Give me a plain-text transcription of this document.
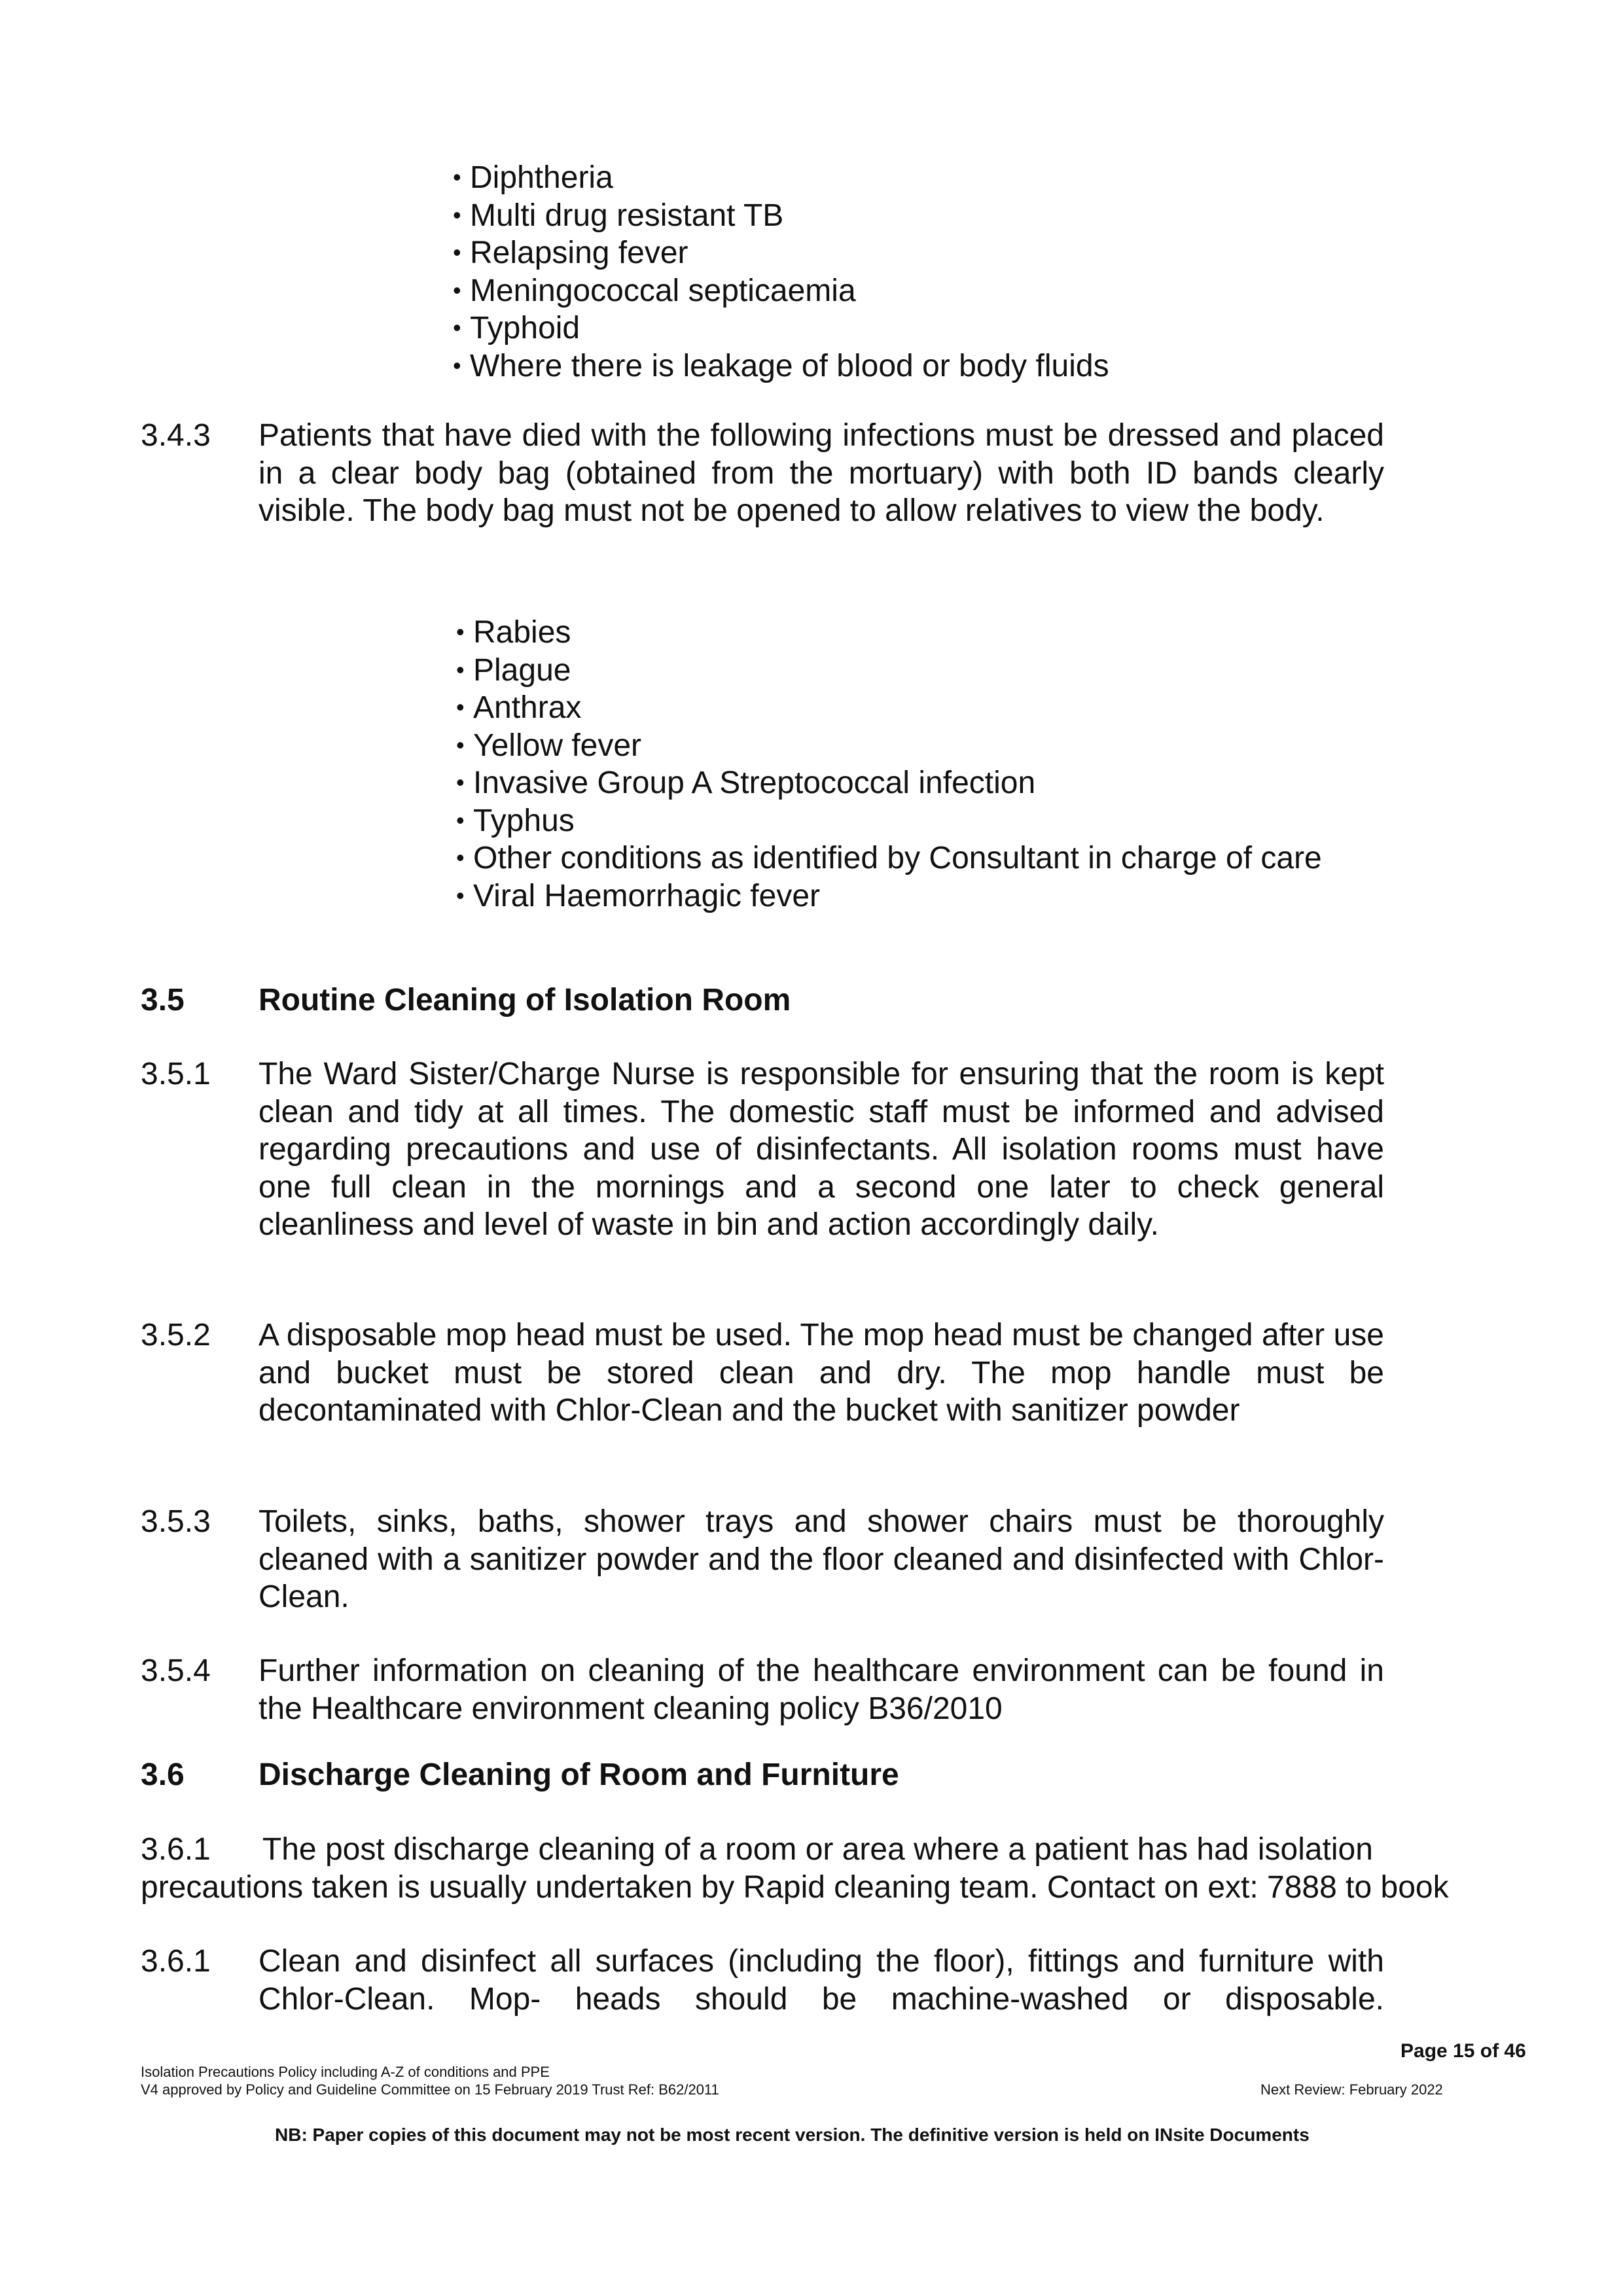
• Diphtheria
• Multi drug resistant TB
• Relapsing fever
• Meningococcal septicaemia
• Typhoid
• Where there is leakage of blood or body fluids
3.4.3 Patients that have died with the following infections must be dressed and placed in a clear body bag (obtained from the mortuary) with both ID bands clearly visible. The body bag must not be opened to allow relatives to view the body.
• Rabies
• Plague
• Anthrax
• Yellow fever
• Invasive Group A Streptococcal infection
• Typhus
• Other conditions as identified by Consultant in charge of care
• Viral Haemorrhagic fever
3.5 Routine Cleaning of Isolation Room
3.5.1 The Ward Sister/Charge Nurse is responsible for ensuring that the room is kept clean and tidy at all times. The domestic staff must be informed and advised regarding precautions and use of disinfectants. All isolation rooms must have one full clean in the mornings and a second one later to check general cleanliness and level of waste in bin and action accordingly daily.
3.5.2 A disposable mop head must be used. The mop head must be changed after use and bucket must be stored clean and dry. The mop handle must be decontaminated with Chlor-Clean and the bucket with sanitizer powder
3.5.3 Toilets, sinks, baths, shower trays and shower chairs must be thoroughly cleaned with a sanitizer powder and the floor cleaned and disinfected with Chlor-Clean.
3.5.4 Further information on cleaning of the healthcare environment can be found in the Healthcare environment cleaning policy B36/2010
3.6 Discharge Cleaning of Room and Furniture
3.6.1      The post discharge cleaning of a room or area where a patient has had isolation
precautions taken is usually undertaken by Rapid cleaning team. Contact on ext: 7888 to book
3.6.1 Clean and disinfect all surfaces (including the floor), fittings and furniture with Chlor-Clean. Mop- heads should be machine-washed or disposable.
Page 15 of 46
Isolation Precautions Policy including A-Z of conditions and PPE
V4 approved by Policy and Guideline Committee on 15 February 2019 Trust Ref: B62/2011	Next Review: February 2022
NB: Paper copies of this document may not be most recent version. The definitive version is held on INsite Documents
